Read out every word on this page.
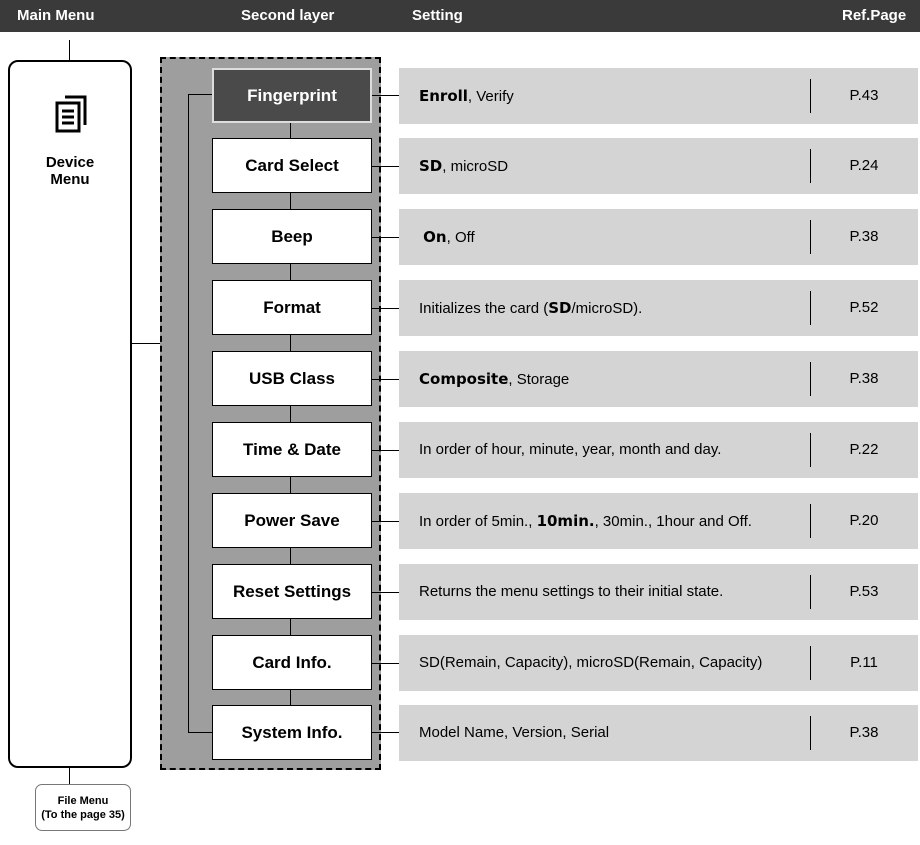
Main Menu	Second layer	Setting	Ref.Page
Device
Menu
File Menu
(To the page 35)
Fingerprint	Enroll, Verify	P.43
Card Select	SD, microSD	P.24
Beep	On, Off	P.38
Format	Initializes the card (SD/microSD).	P.52
USB Class	Composite, Storage	P.38
Time & Date	In order of hour, minute, year, month and day.	P.22
Power Save	In order of 5min., 10min., 30min., 1hour and Off.	P.20
Reset Settings	Returns the menu settings to their initial state.	P.53
Card Info.	SD(Remain, Capacity), microSD(Remain, Capacity)	P.11
System Info.	Model Name, Version, Serial	P.38
